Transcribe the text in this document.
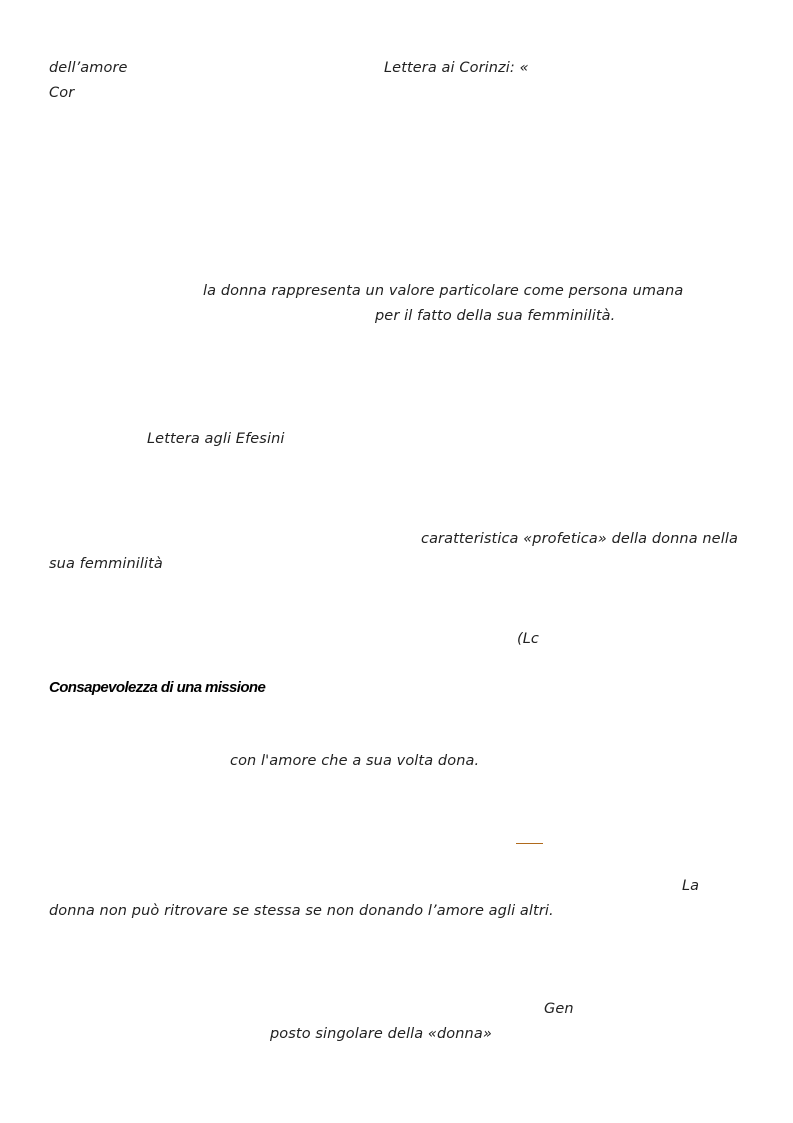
dell’amore	Lettera ai Corinzi: «
Cor
la donna rappresenta un valore particolare come persona umana
per il fatto della sua femminilità.
Lettera agli Efesini
caratteristica «profetica» della donna nella
sua femminilità
(Lc
Consapevolezza di una missione
con l'amore che a sua volta dona.
La
donna non può ritrovare se stessa se non donando l’amore agli altri.
Gen
posto singolare della «donna»
